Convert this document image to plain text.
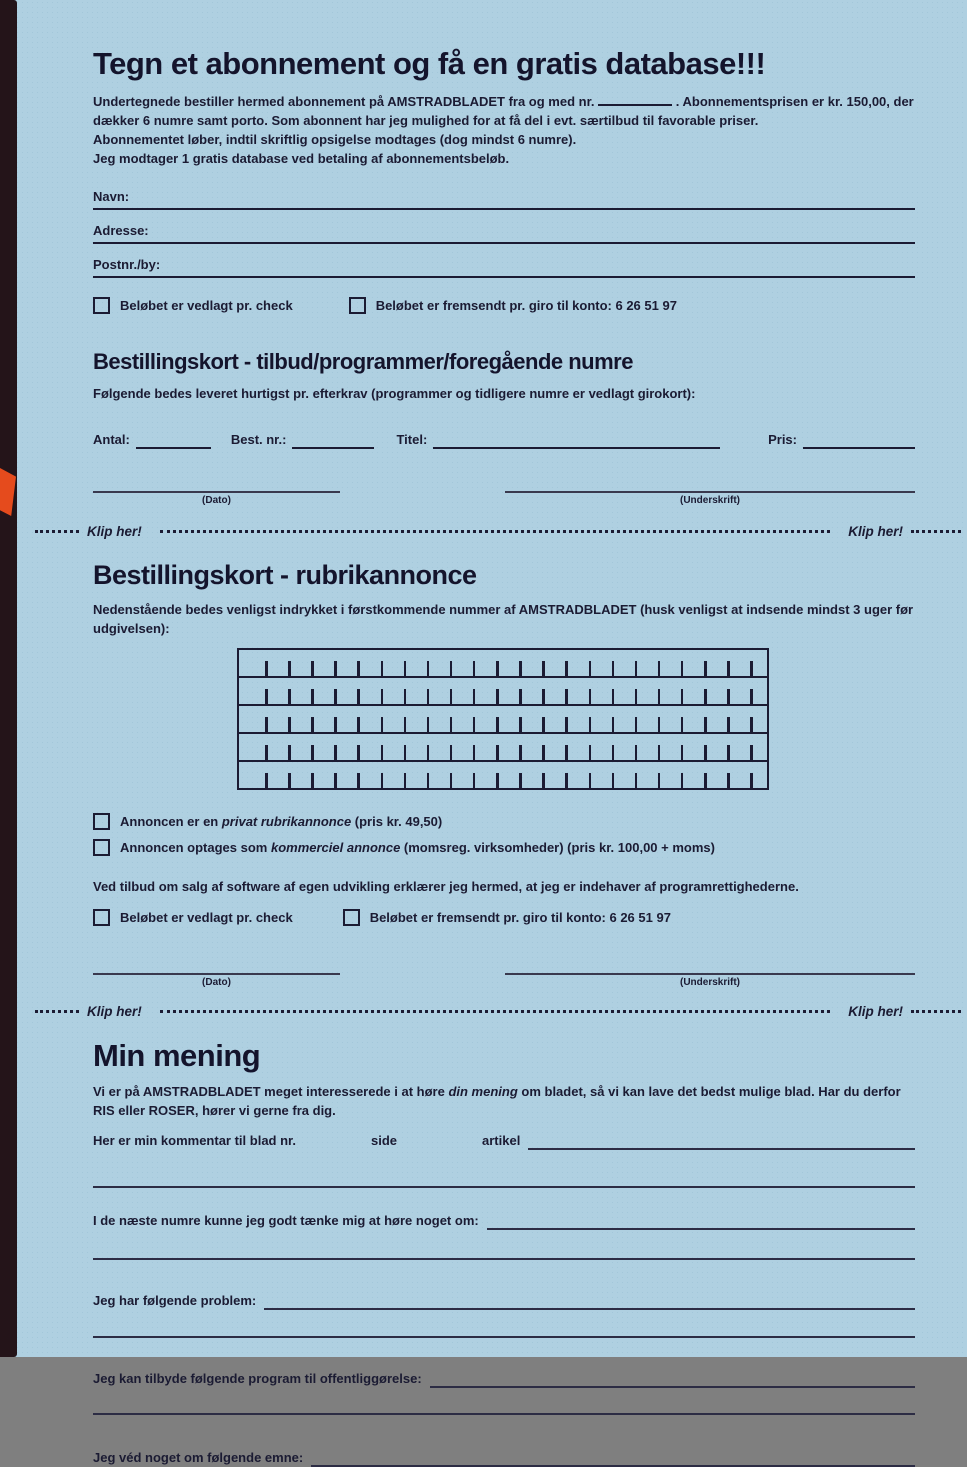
Tegn et abonnement og få en gratis database!!!

Undertegnede bestiller hermed abonnement på AMSTRADBLADET fra og med nr.	. Abonnementsprisen er kr. 150,00, der dækker 6 numre samt porto. Som abonnent har jeg mulighed for at få del i evt. særtilbud til favorable priser.

Abonnementet løber, indtil skriftlig opsigelse modtages (dog mindst 6 numre).

Jeg modtager 1 gratis database ved betaling af abonnementsbeløb.

Navn:
Adresse:
Postnr./by:
Beløbet er vedlagt pr. check	Beløbet er fremsendt pr. giro til konto: 6 26 51 97
Bestillingskort - tilbud/programmer/foregående numre

Følgende bedes leveret hurtigst pr. efterkrav (programmer og tidligere numre er vedlagt girokort):

Antal:	Best. nr.:	Titel:	Pris:
(Dato)	(Underskrift)
Klip her!	Klip her!
Bestillingskort - rubrikannonce

Nedenstående bedes venligst indrykket i førstkommende nummer af AMSTRADBLADET (husk venligst at indsende mindst 3 uger før udgivelsen):

Annoncen er en privat rubrikannonce (pris kr. 49,50)
Annoncen optages som kommerciel annonce (momsreg. virksomheder) (pris kr. 100,00 + moms)

Ved tilbud om salg af software af egen udvikling erklærer jeg hermed, at jeg er indehaver af programrettighederne.

Beløbet er vedlagt pr. check	Beløbet er fremsendt pr. giro til konto: 6 26 51 97
(Dato)	(Underskrift)
Klip her!	Klip her!
Min mening

Vi er på AMSTRADBLADET meget interesserede i at høre din mening om bladet, så vi kan lave det bedst mulige blad. Har du derfor RIS eller ROSER, hører vi gerne fra dig.

Her er min kommentar til blad nr.	side	artikel
I de næste numre kunne jeg godt tænke mig at høre noget om:
Jeg har følgende problem:
Jeg kan tilbyde følgende program til offentliggørelse:
Jeg véd noget om følgende emne:
